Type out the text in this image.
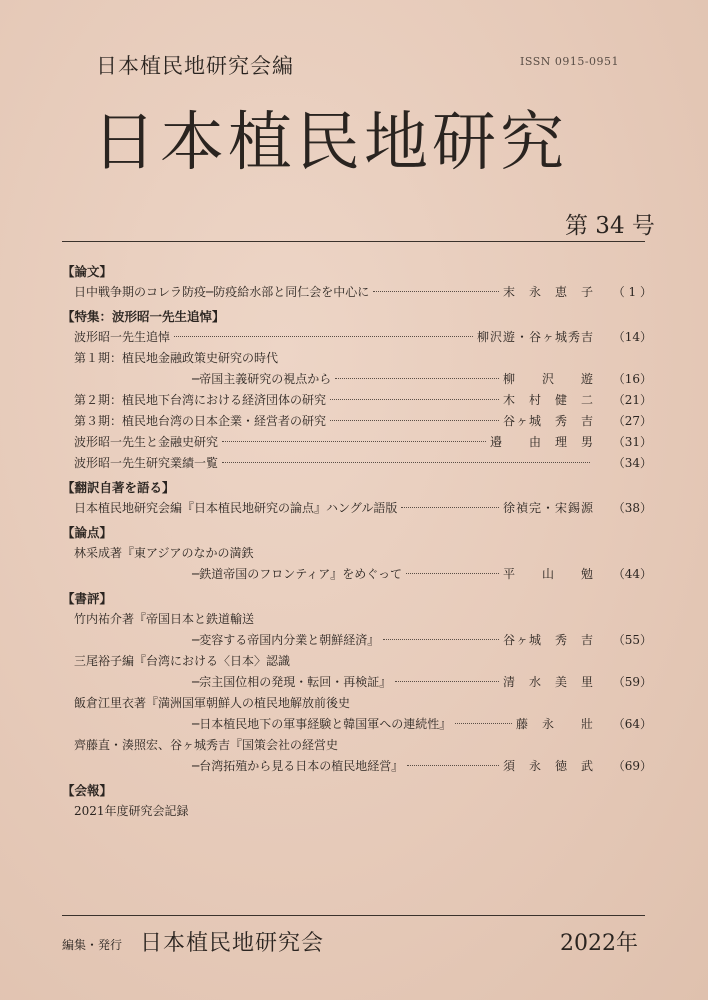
日本植民地研究会編	ISSN 0915-0951
日本植民地研究
第 34 号
【論文】
日中戦争期のコレラ防疫─防疫給水部と同仁会を中心に	末　永　恵　子	（ 1 ）
【特集：波形昭一先生追悼】
波形昭一先生追悼	柳沢遊・谷ヶ城秀吉	（14）
第１期：植民地金融政策史研究の時代
─帝国主義研究の視点から	柳　　沢　　遊	（16）
第２期：植民地下台湾における経済団体の研究	木　村　健　二	（21）
第３期：植民地台湾の日本企業・経営者の研究	谷ヶ城　秀　吉	（27）
波形昭一先生と金融史研究	邉　　由　理　男	（31）
波形昭一先生研究業績一覧	（34）
【翻訳自著を語る】
日本植民地研究会編『日本植民地研究の論点』ハングル語版	徐禎完・宋錫源	（38）
【論点】
林采成著『東アジアのなかの満鉄
─鉄道帝国のフロンティア』をめぐって	平　　山　　勉	（44）
【書評】
竹内祐介著『帝国日本と鉄道輸送
─変容する帝国内分業と朝鮮経済』	谷ヶ城　秀　吉	（55）
三尾裕子編『台湾における〈日本〉認識
─宗主国位相の発現・転回・再検証』	清　水　美　里	（59）
飯倉江里衣著『満洲国軍朝鮮人の植民地解放前後史
─日本植民地下の軍事経験と韓国軍への連続性』	藤　永　　壯	（64）
齊藤直・湊照宏、谷ヶ城秀吉『国策会社の経営史
─台湾拓殖から見る日本の植民地経営』	須　永　徳　武	（69）
【会報】
2021年度研究会記録
編集・発行 日本植民地研究会	2022年
